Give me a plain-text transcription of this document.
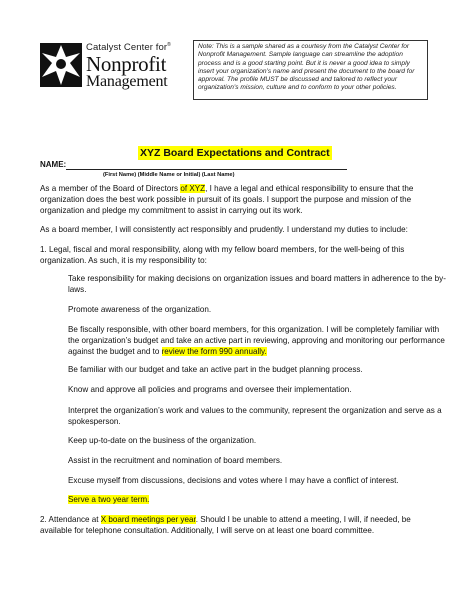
Catalyst Center for®
Nonprofit
Management
Note: This is a sample shared as a courtesy from the Catalyst Center for Nonprofit Management. Sample language can streamline the adoption process and is a good starting point. But it is never a good idea to simply insert your organization’s name and present the document to the board for approval. The profile MUST be discussed and tailored to reflect your organization’s mission, culture and to conform to your other policies.
XYZ Board Expectations and Contract
NAME:
(First Name) (Middle Name or Initial) (Last Name)
As a member of the Board of Directors of XYZ, I have a legal and ethical responsibility to ensure that the organization does the best work possible in pursuit of its goals. I support the purpose and mission of the organization and pledge my commitment to assist in carrying out its work.
As a board member, I will consistently act responsibly and prudently. I understand my duties to include:
1. Legal, fiscal and moral responsibility, along with my fellow board members, for the well-being of this organization. As such, it is my responsibility to:
Take responsibility for making decisions on organization issues and board matters in adherence to the by-laws.
Promote awareness of the organization.
Be fiscally responsible, with other board members, for this organization. I will be completely familiar with the organization’s budget and take an active part in reviewing, approving and monitoring our performance against the budget and to review the form 990 annually.
Be familiar with our budget and take an active part in the budget planning process.
Know and approve all policies and programs and oversee their implementation.
Interpret the organization’s work and values to the community, represent the organization and serve as a spokesperson.
Keep up-to-date on the business of the organization.
Assist in the recruitment and nomination of board members.
Excuse myself from discussions, decisions and votes where I may have a conflict of interest.
Serve a two year term.
2. Attendance at X board meetings per year. Should I be unable to attend a meeting, I will, if needed, be available for telephone consultation. Additionally, I will serve on at least one board committee.
